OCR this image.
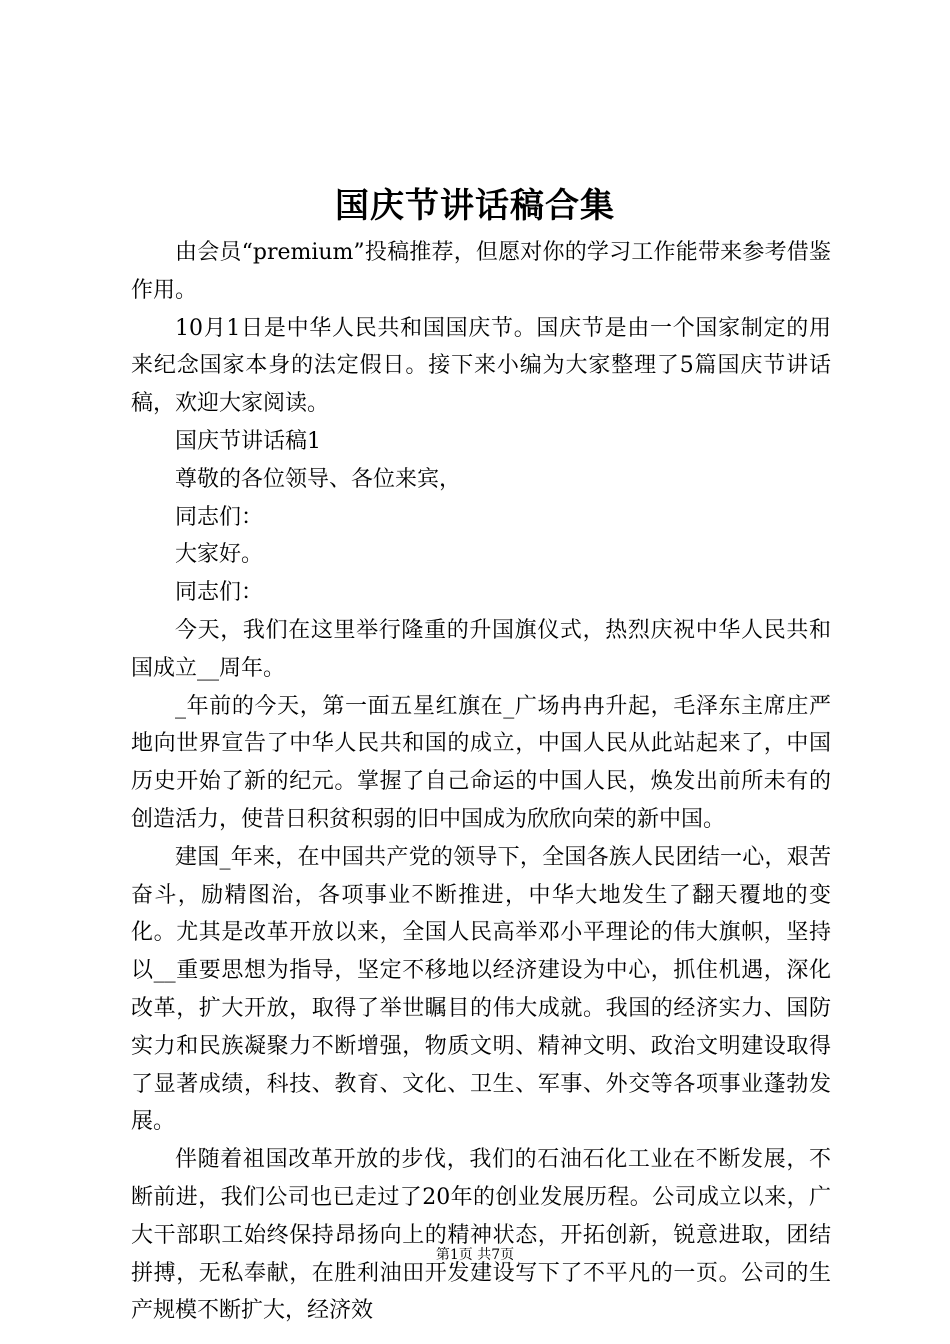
国庆节讲话稿合集

由会员“premium”投稿推荐，但愿对你的学习工作能带来参考借鉴作用。

10月1日是中华人民共和国国庆节。国庆节是由一个国家制定的用来纪念国家本身的法定假日。接下来小编为大家整理了5篇国庆节讲话稿，欢迎大家阅读。

国庆节讲话稿1

尊敬的各位领导、各位来宾，

同志们：

大家好。

同志们：

今天，我们在这里举行隆重的升国旗仪式，热烈庆祝中华人民共和国成立__周年。

_年前的今天，第一面五星红旗在_广场冉冉升起，毛泽东主席庄严地向世界宣告了中华人民共和国的成立，中国人民从此站起来了，中国历史开始了新的纪元。掌握了自己命运的中国人民，焕发出前所未有的创造活力，使昔日积贫积弱的旧中国成为欣欣向荣的新中国。

建国_年来，在中国共产党的领导下，全国各族人民团结一心，艰苦奋斗，励精图治，各项事业不断推进，中华大地发生了翻天覆地的变化。尤其是改革开放以来，全国人民高举邓小平理论的伟大旗帜，坚持以__重要思想为指导，坚定不移地以经济建设为中心，抓住机遇，深化改革，扩大开放，取得了举世瞩目的伟大成就。我国的经济实力、国防实力和民族凝聚力不断增强，物质文明、精神文明、政治文明建设取得了显著成绩，科技、教育、文化、卫生、军事、外交等各项事业蓬勃发展。

伴随着祖国改革开放的步伐，我们的石油石化工业在不断发展，不断前进，我们公司也已走过了20年的创业发展历程。公司成立以来，广大干部职工始终保持昂扬向上的精神状态，开拓创新，锐意进取，团结拼搏，无私奉献，在胜利油田开发建设写下了不平凡的一页。公司的生产规模不断扩大，经济效

第1页 共7页
